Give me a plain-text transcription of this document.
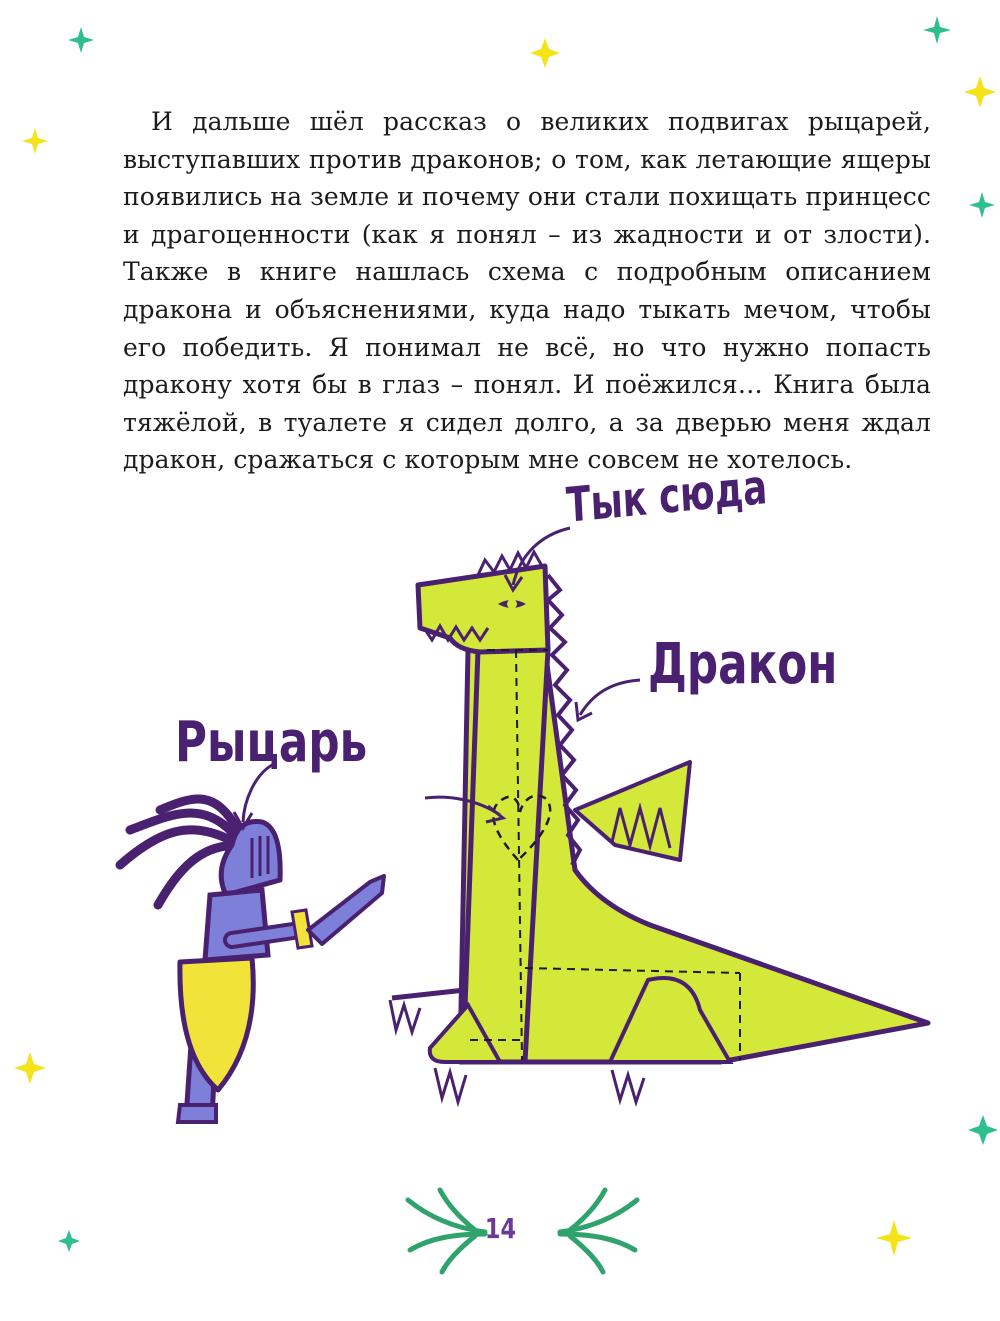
И дальше шёл рассказ о великих подвигах рыцарей, выступавших против драконов; о том, как летающие ящеры появились на земле и почему они стали похищать принцесс и драгоценности (как я понял – из жадности и от злости). Также в книге нашлась схема с подробным описанием дракона и объяснениями, куда надо тыкать мечом, чтобы его победить. Я понимал не всё, но что нужно попасть дракону хотя бы в глаз – понял. И поёжился… Книга была тяжёлой, в туалете я сидел долго, а за дверью меня ждал дракон, сражаться с которым мне совсем не хотелось.

Тык сюда
Дракон
Рыцарь
14
